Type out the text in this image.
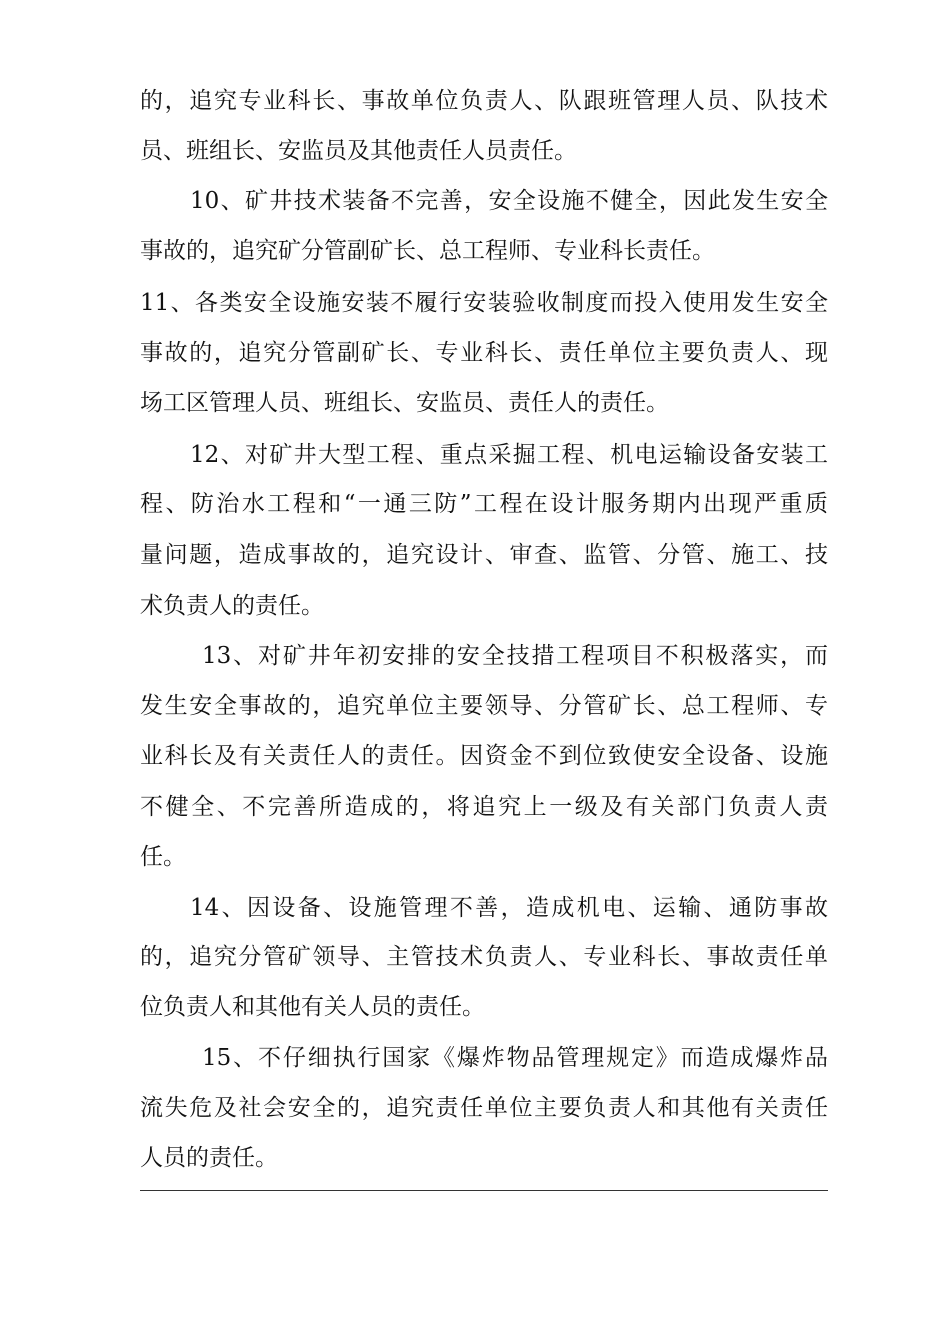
的，追究专业科长、事故单位负责人、队跟班管理人员、队技术
员、班组长、安监员及其他责任人员责任。
10、矿井技术装备不完善，安全设施不健全，因此发生安全
事故的，追究矿分管副矿长、总工程师、专业科长责任。
11、各类安全设施安装不履行安装验收制度而投入使用发生安全
事故的，追究分管副矿长、专业科长、责任单位主要负责人、现
场工区管理人员、班组长、安监员、责任人的责任。
12、对矿井大型工程、重点采掘工程、机电运输设备安装工
程、防治水工程和“一通三防”工程在设计服务期内出现严重质
量问题，造成事故的，追究设计、审查、监管、分管、施工、技
术负责人的责任。
13、对矿井年初安排的安全技措工程项目不积极落实，而
发生安全事故的，追究单位主要领导、分管矿长、总工程师、专
业科长及有关责任人的责任。因资金不到位致使安全设备、设施
不健全、不完善所造成的，将追究上一级及有关部门负责人责
任。
14、因设备、设施管理不善，造成机电、运输、通防事故
的，追究分管矿领导、主管技术负责人、专业科长、事故责任单
位负责人和其他有关人员的责任。
15、不仔细执行国家《爆炸物品管理规定》而造成爆炸品
流失危及社会安全的，追究责任单位主要负责人和其他有关责任
人员的责任。
